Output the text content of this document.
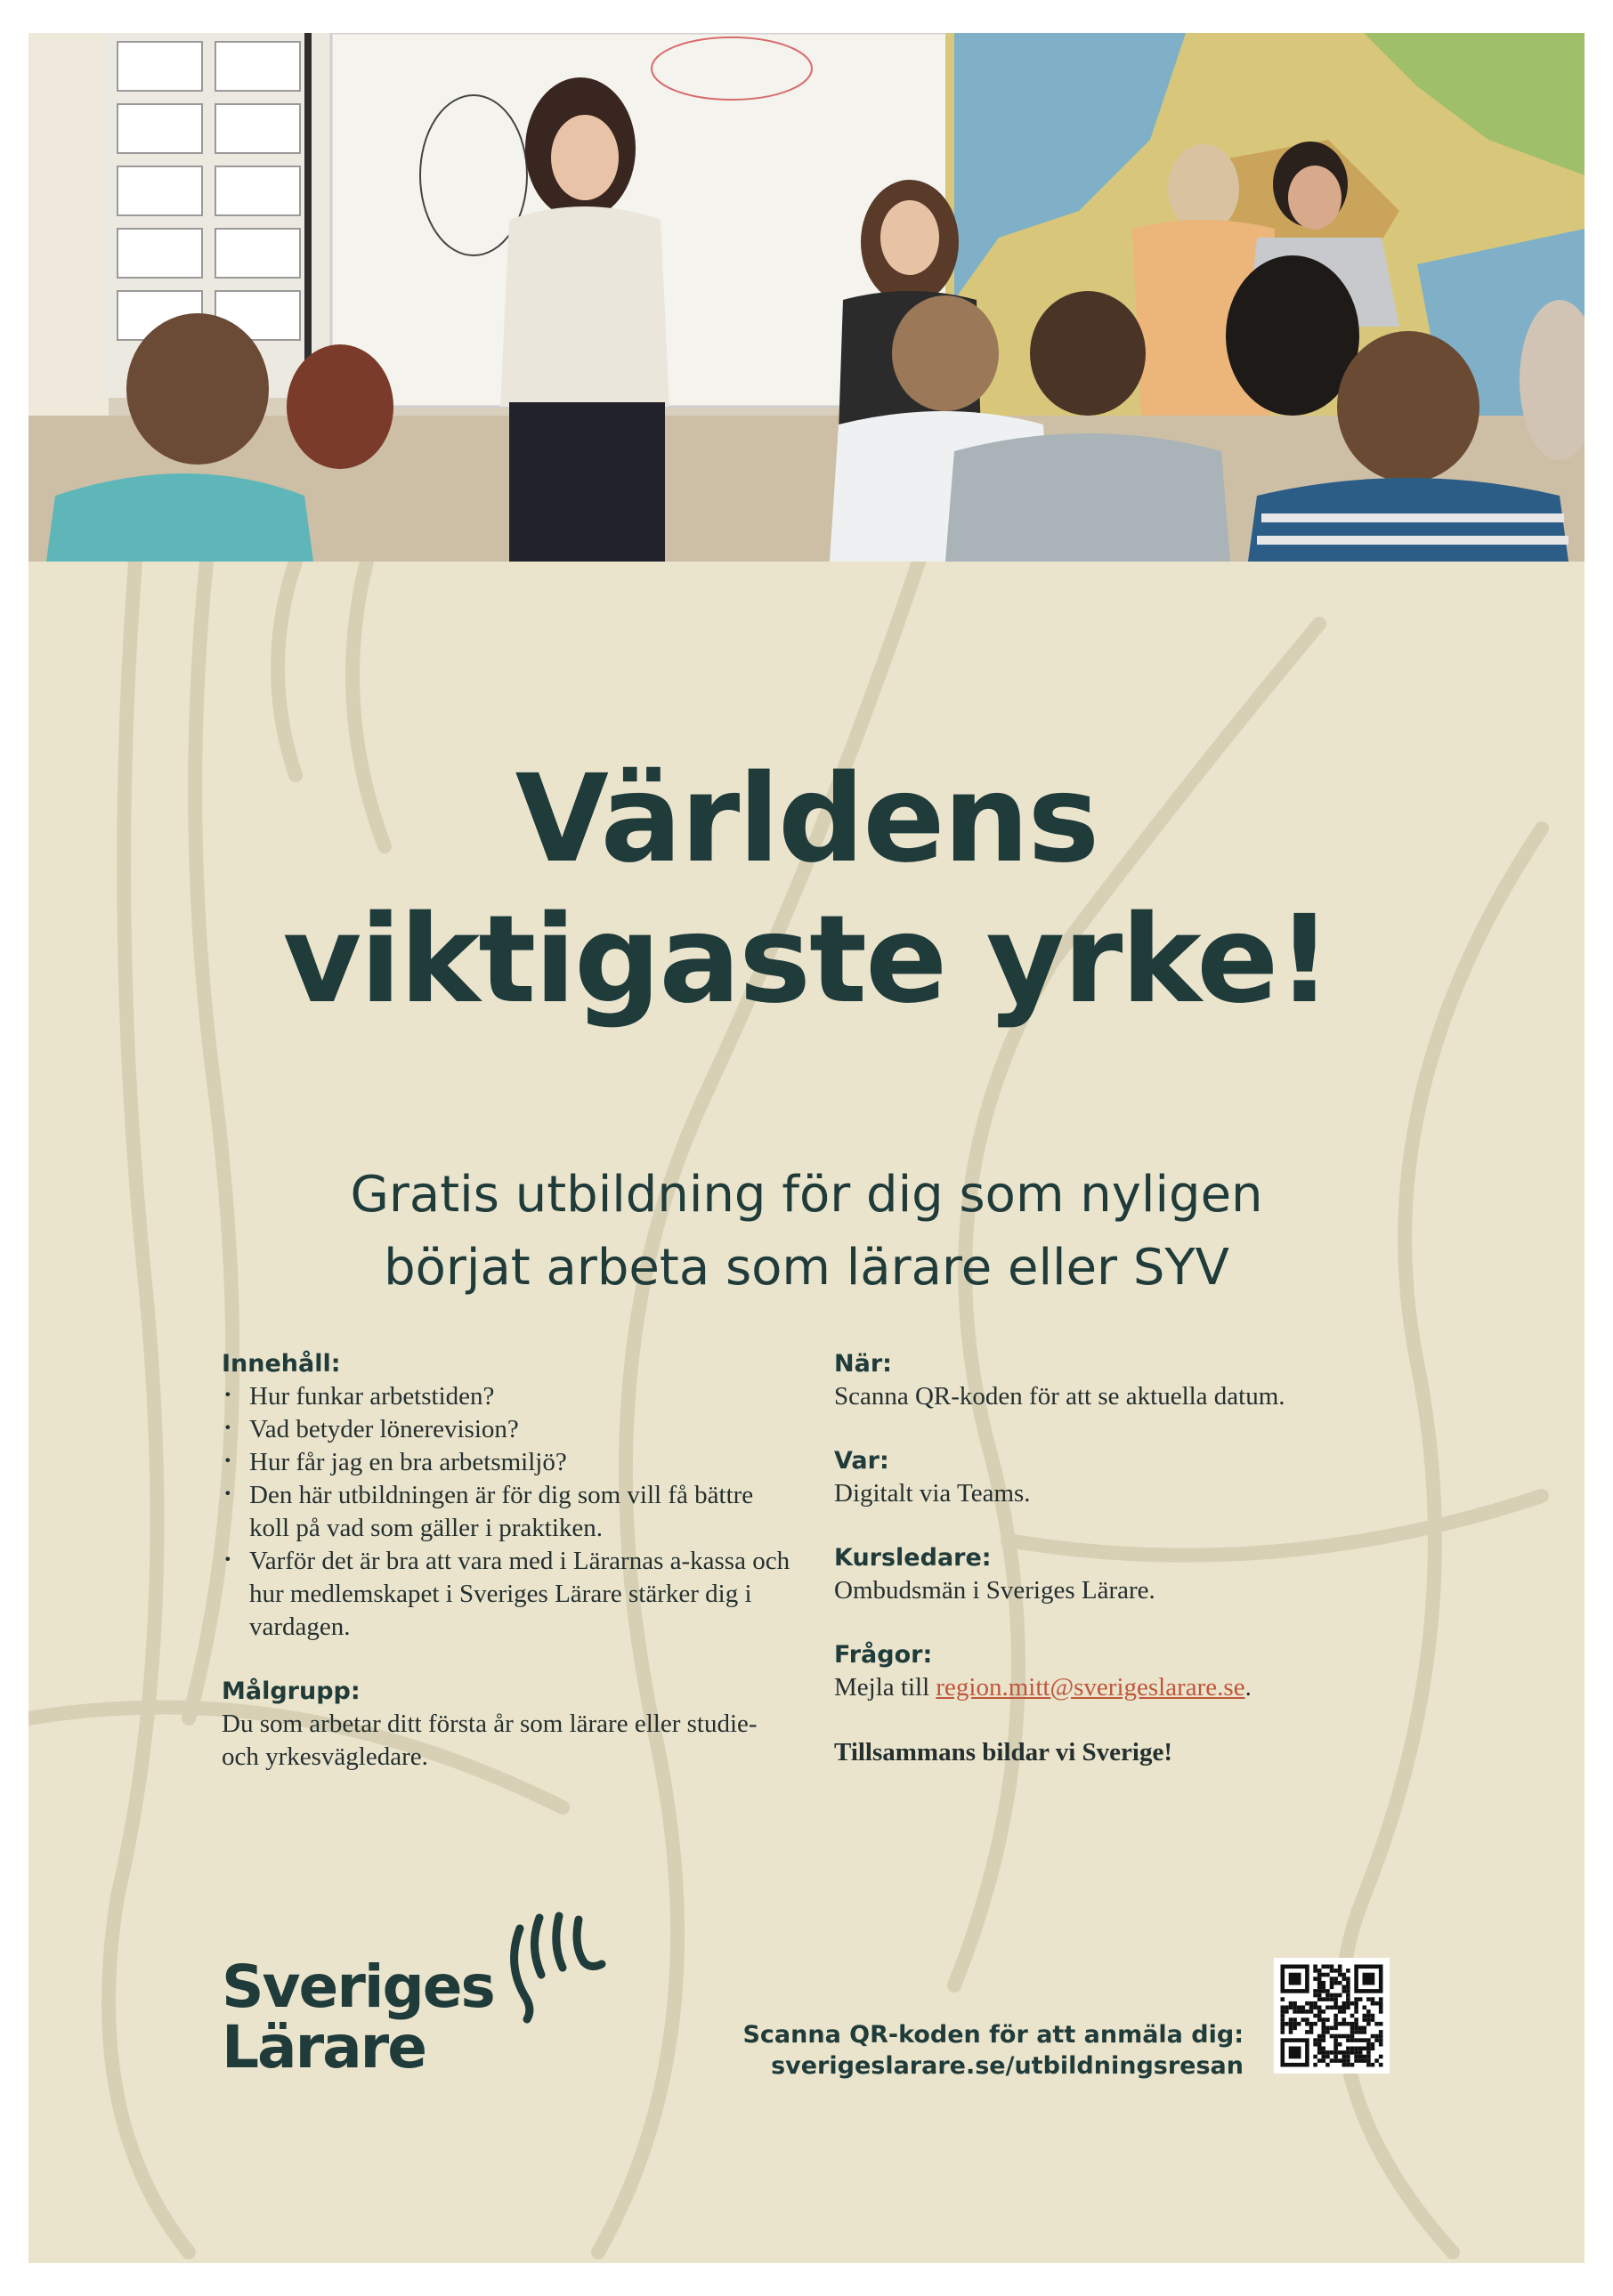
Världens
viktigaste yrke!
Gratis utbildning för dig som nyligen
börjat arbeta som lärare eller SYV
Innehåll:
· Hur funkar arbetstiden?
· Vad betyder lönerevision?
· Hur får jag en bra arbetsmiljö?
· Den här utbildningen är för dig som vill få bättre koll på vad som gäller i praktiken.
· Varför det är bra att vara med i Lärarnas a-kassa och hur medlemskapet i Sveriges Lärare stärker dig i vardagen.
Målgrupp:
Du som arbetar ditt första år som lärare eller studie- och yrkesvägledare.
När:
Scanna QR-koden för att se aktuella datum.
Var:
Digitalt via Teams.
Kursledare:
Ombudsmän i Sveriges Lärare.
Frågor:
Mejla till region.mitt@sverigeslarare.se.
Tillsammans bildar vi Sverige!
Sveriges
Lärare	Scanna QR-koden för att anmäla dig:
sverigeslarare.se/utbildningsresan
